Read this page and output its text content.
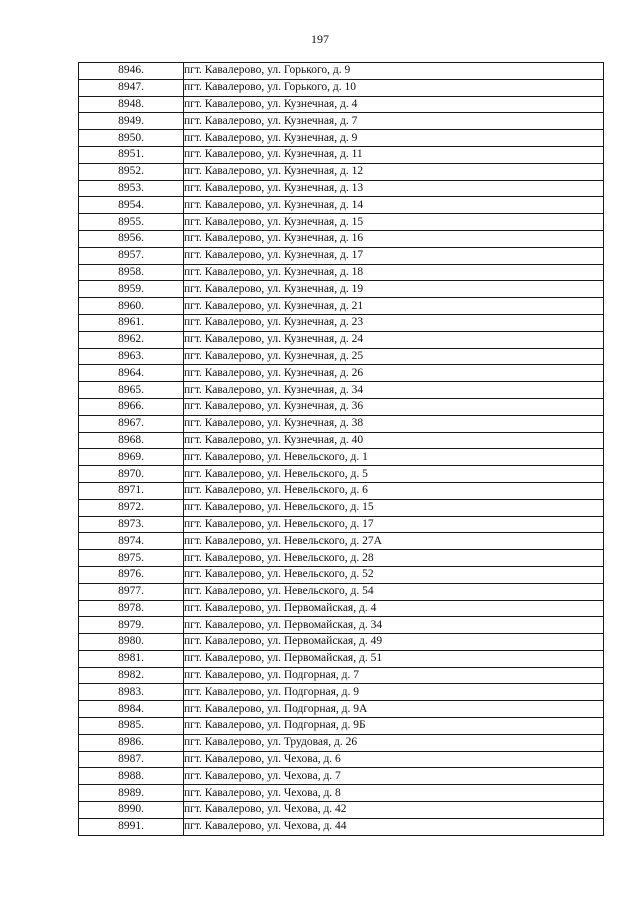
197
8946.	пгт. Кавалерово, ул. Горького, д. 9
8947.	пгт. Кавалерово, ул. Горького, д. 10
8948.	пгт. Кавалерово, ул. Кузнечная, д. 4
8949.	пгт. Кавалерово, ул. Кузнечная, д. 7
8950.	пгт. Кавалерово, ул. Кузнечная, д. 9
8951.	пгт. Кавалерово, ул. Кузнечная, д. 11
8952.	пгт. Кавалерово, ул. Кузнечная, д. 12
8953.	пгт. Кавалерово, ул. Кузнечная, д. 13
8954.	пгт. Кавалерово, ул. Кузнечная, д. 14
8955.	пгт. Кавалерово, ул. Кузнечная, д. 15
8956.	пгт. Кавалерово, ул. Кузнечная, д. 16
8957.	пгт. Кавалерово, ул. Кузнечная, д. 17
8958.	пгт. Кавалерово, ул. Кузнечная, д. 18
8959.	пгт. Кавалерово, ул. Кузнечная, д. 19
8960.	пгт. Кавалерово, ул. Кузнечная, д. 21
8961.	пгт. Кавалерово, ул. Кузнечная, д. 23
8962.	пгт. Кавалерово, ул. Кузнечная, д. 24
8963.	пгт. Кавалерово, ул. Кузнечная, д. 25
8964.	пгт. Кавалерово, ул. Кузнечная, д. 26
8965.	пгт. Кавалерово, ул. Кузнечная, д. 34
8966.	пгт. Кавалерово, ул. Кузнечная, д. 36
8967.	пгт. Кавалерово, ул. Кузнечная, д. 38
8968.	пгт. Кавалерово, ул. Кузнечная, д. 40
8969.	пгт. Кавалерово, ул. Невельского, д. 1
8970.	пгт. Кавалерово, ул. Невельского, д. 5
8971.	пгт. Кавалерово, ул. Невельского, д. 6
8972.	пгт. Кавалерово, ул. Невельского, д. 15
8973.	пгт. Кавалерово, ул. Невельского, д. 17
8974.	пгт. Кавалерово, ул. Невельского, д. 27А
8975.	пгт. Кавалерово, ул. Невельского, д. 28
8976.	пгт. Кавалерово, ул. Невельского, д. 52
8977.	пгт. Кавалерово, ул. Невельского, д. 54
8978.	пгт. Кавалерово, ул. Первомайская, д. 4
8979.	пгт. Кавалерово, ул. Первомайская, д. 34
8980.	пгт. Кавалерово, ул. Первомайская, д. 49
8981.	пгт. Кавалерово, ул. Первомайская, д. 51
8982.	пгт. Кавалерово, ул. Подгорная, д. 7
8983.	пгт. Кавалерово, ул. Подгорная, д. 9
8984.	пгт. Кавалерово, ул. Подгорная, д. 9А
8985.	пгт. Кавалерово, ул. Подгорная, д. 9Б
8986.	пгт. Кавалерово, ул. Трудовая, д. 26
8987.	пгт. Кавалерово, ул. Чехова, д. 6
8988.	пгт. Кавалерово, ул. Чехова, д. 7
8989.	пгт. Кавалерово, ул. Чехова, д. 8
8990.	пгт. Кавалерово, ул. Чехова, д. 42
8991.	пгт. Кавалерово, ул. Чехова, д. 44
